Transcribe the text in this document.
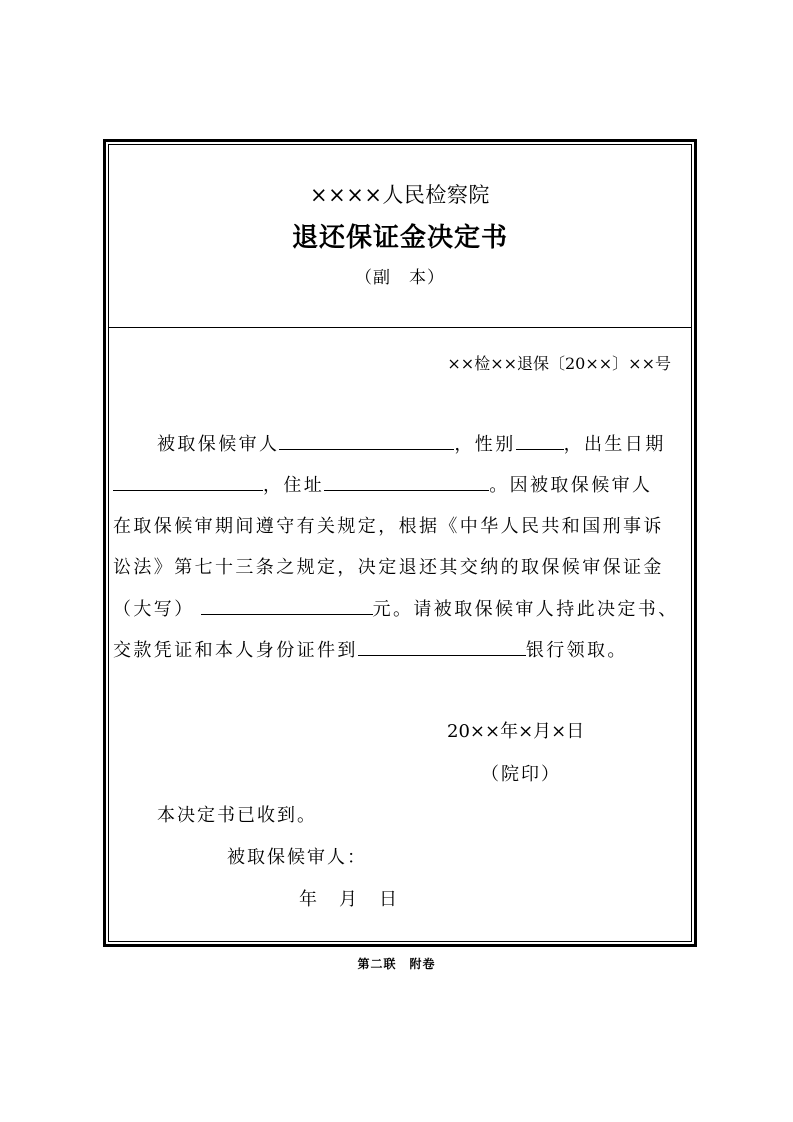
××××人民检察院
退还保证金决定书
（副　本）
××检××退保〔20××〕××号
被取保候审人	，性别	，出生日期
，住址	。因被取保候审人
在取保候审期间遵守有关规定，根据《中华人民共和国刑事诉
讼法》第七十三条之规定，决定退还其交纳的取保候审保证金
（大写）	元。请被取保候审人持此决定书、
交款凭证和本人身份证件到	银行领取。
20××年×月×日
（院印）
本决定书已收到。
被取保候审人：
年　月　日
第二联　附卷
